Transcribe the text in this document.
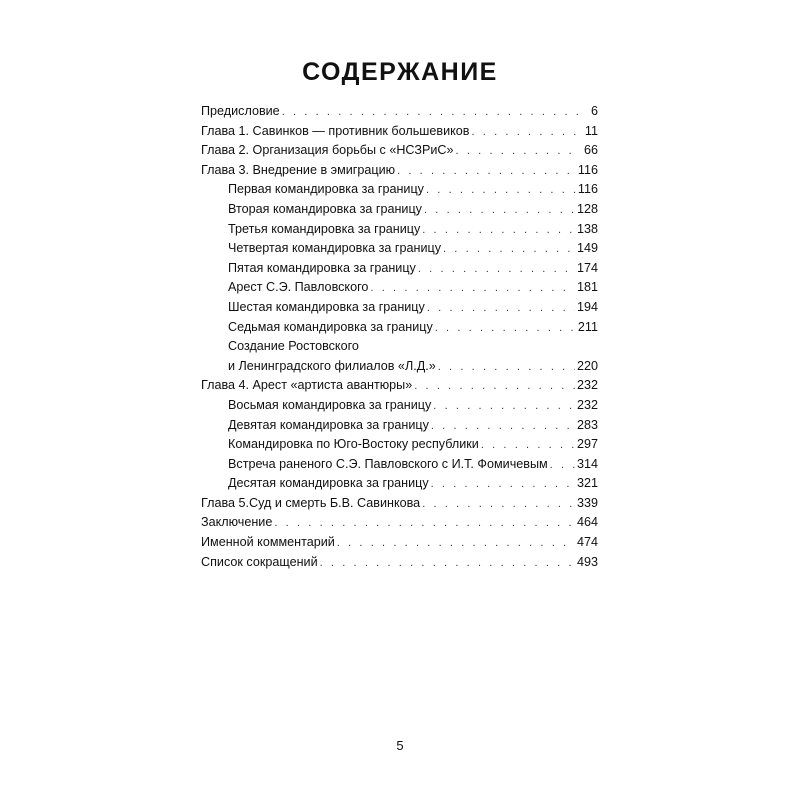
СОДЕРЖАНИЕ
Предисловие . . .	6
Глава 1. Савинков — противник большевиков . . .	11
Глава 2. Организация борьбы с «НСЗРиС» . . .	66
Глава 3. Внедрение в эмиграцию . . .	116
Первая командировка за границу . . .	116
Вторая командировка за границу . . .	128
Третья командировка за границу . . .	138
Четвертая командировка за границу . . .	149
Пятая командировка за границу . . .	174
Арест С.Э. Павловского . . .	181
Шестая командировка за границу . . .	194
Седьмая командировка за границу . . .	211
Создание Ростовского
и Ленинградского филиалов «Л.Д.» . . .	220
Глава 4. Арест «артиста авантюры» . . .	232
Восьмая командировка за границу . . .	232
Девятая командировка за границу . . .	283
Командировка по Юго-Востоку республики . . .	297
Встреча раненого С.Э. Павловского с И.Т. Фомичевым . . . 314
Десятая командировка за границу . . .	321
Глава 5.Суд и смерть Б.В. Савинкова . . .	339
Заключение . . .	464
Именной комментарий . . .	474
Список сокращений . . .	493
5
